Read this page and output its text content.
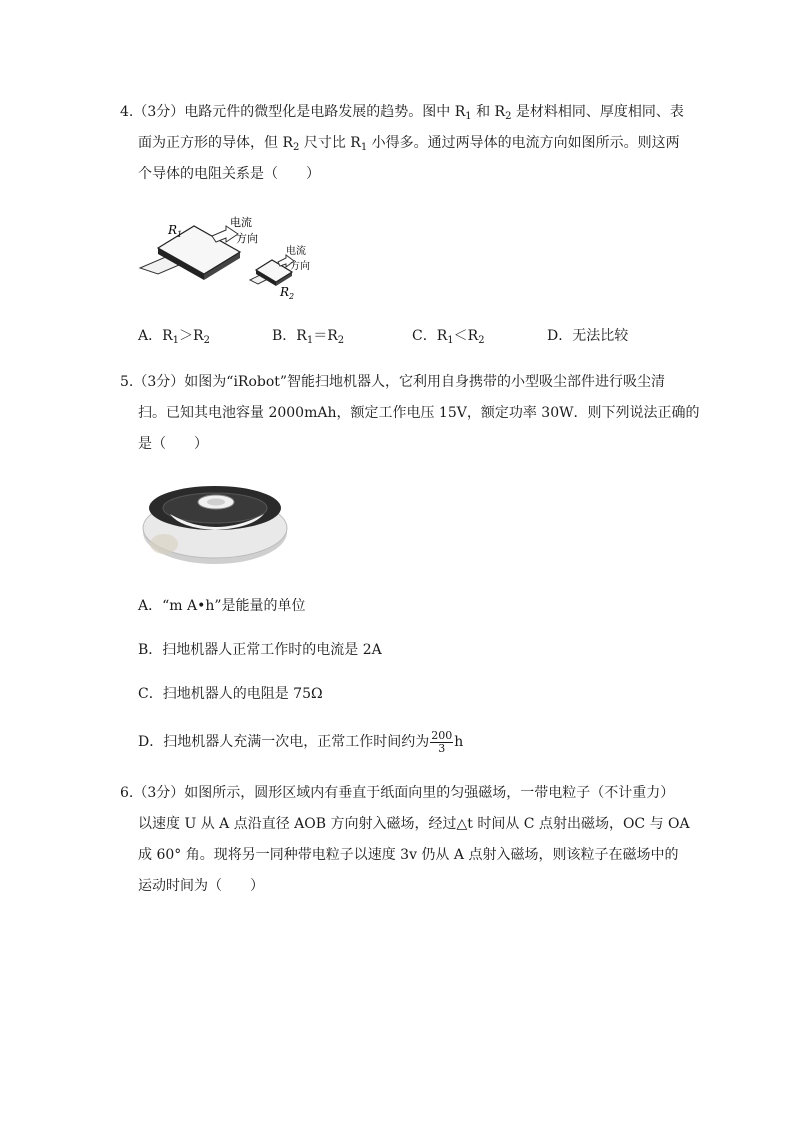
4.（3分）电路元件的微型化是电路发展的趋势。图中 $R_1$ 和 $R_2$ 是材料相同、厚度相同、表
面为正方形的导体，但 $R_2$ 尺寸比 $R_1$ 小得多。通过两导体的电流方向如图所示。则这两
个导体的电阻关系是（　　）
$R_1$
$R_2$
电流
方向
电流
方向
A．$R_1>R_2$	B．$R_1=R_2$	C．$R_1<R_2$	D．无法比较
5.（3分）如图为“iRobot”智能扫地机器人，它利用自身携带的小型吸尘部件进行吸尘清
扫。已知其电池容量 2000mAh，额定工作电压 15V，额定功率 30W．则下列说法正确的
是（　　）
A．“m A•h”是能量的单位
B．扫地机器人正常工作时的电流是 2A
C．扫地机器人的电阻是 75Ω
D．扫地机器人充满一次电，正常工作时间约为 $\frac{200}{3}$ h
6.（3分）如图所示，圆形区域内有垂直于纸面向里的匀强磁场，一带电粒子（不计重力）
以速度 U 从 A 点沿直径 AOB 方向射入磁场，经过△t 时间从 C 点射出磁场，OC 与 OA
成 60° 角。现将另一同种带电粒子以速度 3v 仍从 A 点射入磁场，则该粒子在磁场中的
运动时间为（　　）
